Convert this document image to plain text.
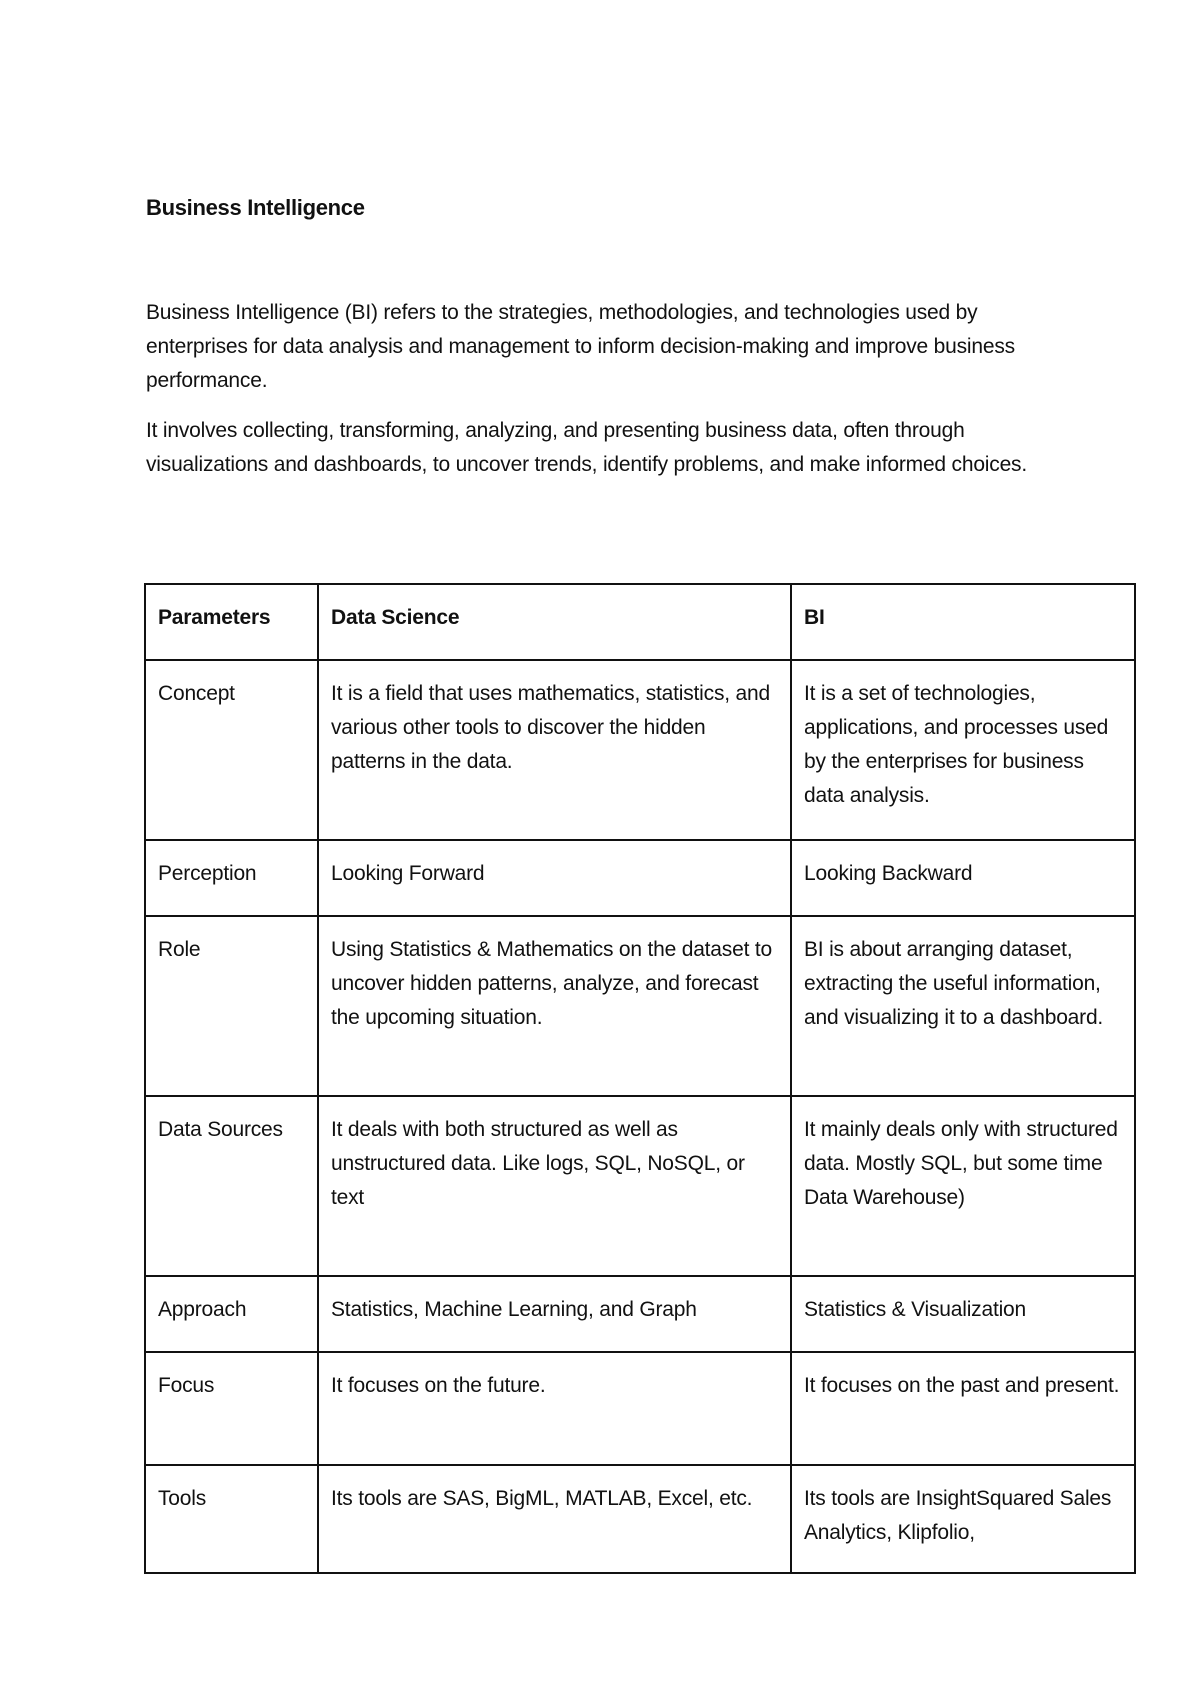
Business Intelligence

Business Intelligence (BI) refers to the strategies, methodologies, and technologies used by enterprises for data analysis and management to inform decision-making and improve business performance.

It involves collecting, transforming, analyzing, and presenting business data, often through visualizations and dashboards, to uncover trends, identify problems, and make informed choices.

Parameters	Data Science	BI
Concept	It is a field that uses mathematics, statistics, and various other tools to discover the hidden patterns in the data.	It is a set of technologies, applications, and processes used by the enterprises for business data analysis.
Perception	Looking Forward	Looking Backward
Role	Using Statistics & Mathematics on the dataset to uncover hidden patterns, analyze, and forecast the upcoming situation.	BI is about arranging dataset, extracting the useful information, and visualizing it to a dashboard.
Data Sources	It deals with both structured as well as unstructured data. Like logs, SQL, NoSQL, or text	It mainly deals only with structured data. Mostly SQL, but some time Data Warehouse)
Approach	Statistics, Machine Learning, and Graph	Statistics & Visualization
Focus	It focuses on the future.	It focuses on the past and present.
Tools	Its tools are SAS, BigML, MATLAB, Excel, etc.	Its tools are InsightSquared Sales Analytics, Klipfolio,
